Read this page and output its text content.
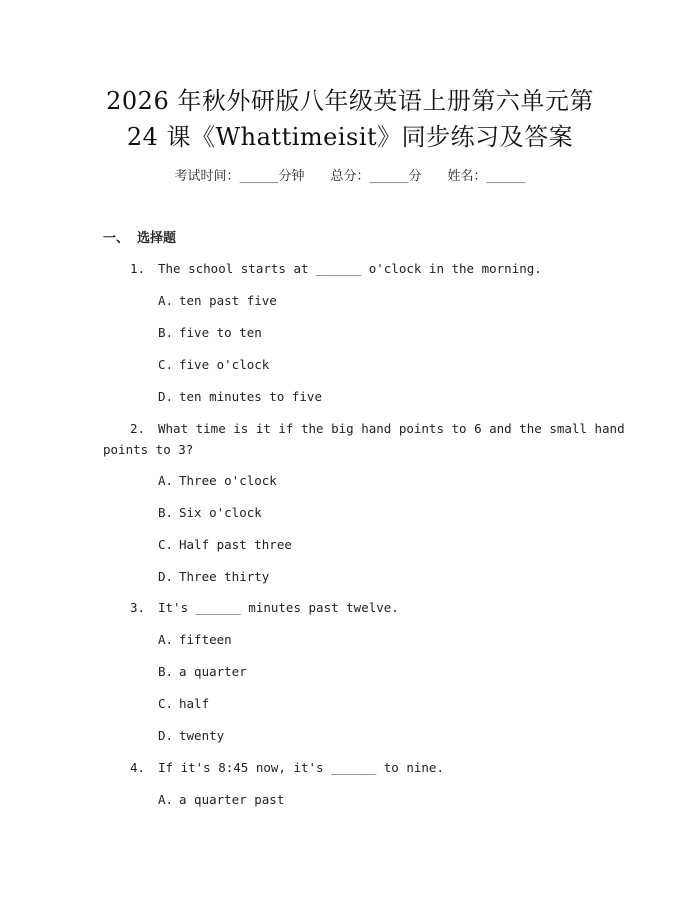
2026 年秋外研版八年级英语上册第六单元第
24 课《Whattimeisit》同步练习及答案
考试时间：______分钟 总分：______分 姓名：______
一、 选择题
1. The school starts at ______ o'clock in the morning.
A. ten past five
B. five to ten
C. five o'clock
D. ten minutes to five
2. What time is it if the big hand points to 6 and the small hand
points to 3?
A. Three o'clock
B. Six o'clock
C. Half past three
D. Three thirty
3. It's ______ minutes past twelve.
A. fifteen
B. a quarter
C. half
D. twenty
4. If it's 8:45 now, it's ______ to nine.
A. a quarter past
